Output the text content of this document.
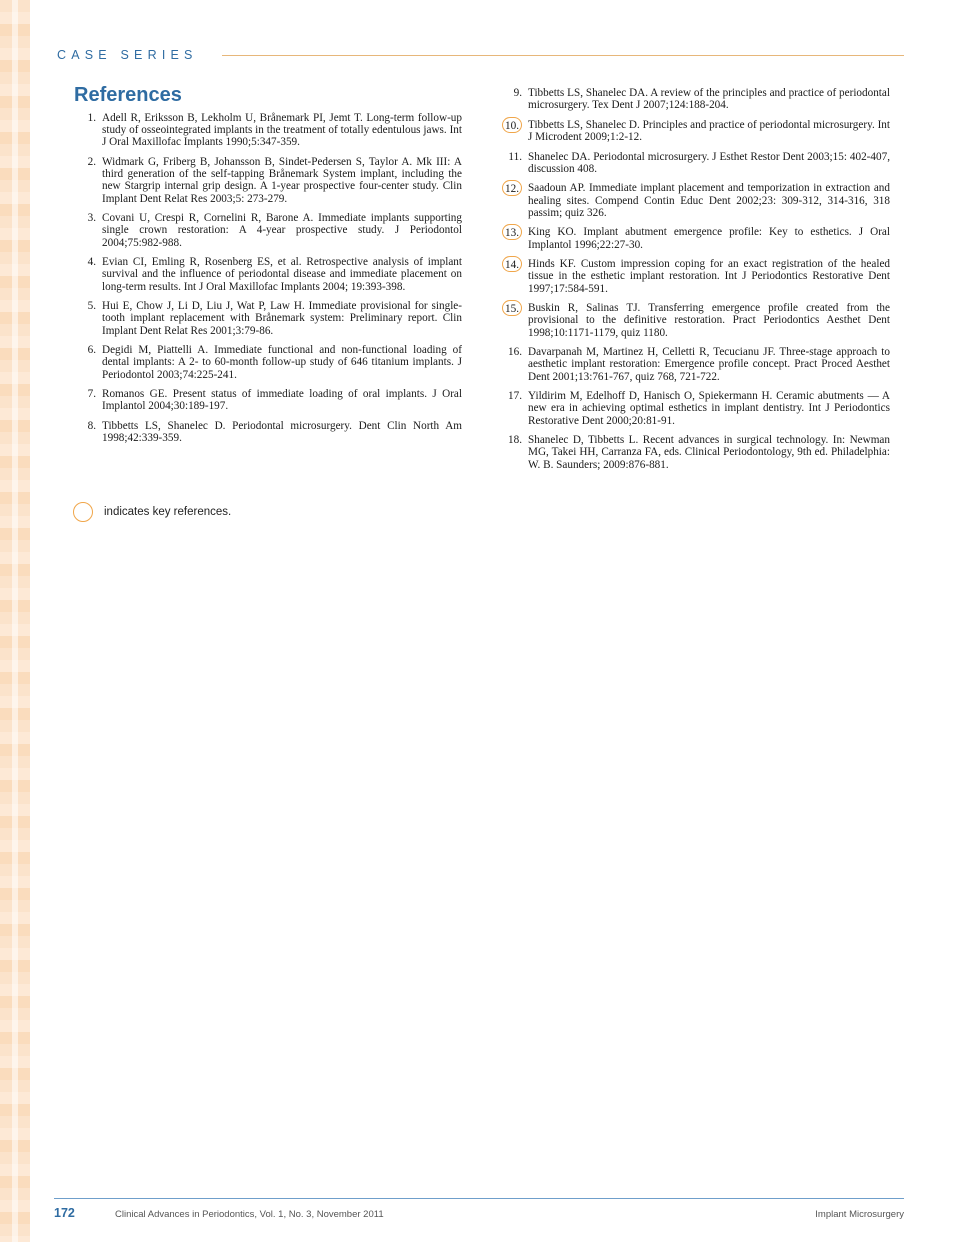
CASE SERIES
References
1. Adell R, Eriksson B, Lekholm U, Brånemark PI, Jemt T. Long-term follow-up study of osseointegrated implants in the treatment of totally edentulous jaws. Int J Oral Maxillofac Implants 1990;5:347-359.
2. Widmark G, Friberg B, Johansson B, Sindet-Pedersen S, Taylor A. Mk III: A third generation of the self-tapping Brånemark System implant, including the new Stargrip internal grip design. A 1-year prospective four-center study. Clin Implant Dent Relat Res 2003;5: 273-279.
3. Covani U, Crespi R, Cornelini R, Barone A. Immediate implants supporting single crown restoration: A 4-year prospective study. J Periodontol 2004;75:982-988.
4. Evian CI, Emling R, Rosenberg ES, et al. Retrospective analysis of implant survival and the influence of periodontal disease and immediate placement on long-term results. Int J Oral Maxillofac Implants 2004; 19:393-398.
5. Hui E, Chow J, Li D, Liu J, Wat P, Law H. Immediate provisional for single-tooth implant replacement with Brånemark system: Preliminary report. Clin Implant Dent Relat Res 2001;3:79-86.
6. Degidi M, Piattelli A. Immediate functional and non-functional loading of dental implants: A 2- to 60-month follow-up study of 646 titanium implants. J Periodontol 2003;74:225-241.
7. Romanos GE. Present status of immediate loading of oral implants. J Oral Implantol 2004;30:189-197.
8. Tibbetts LS, Shanelec D. Periodontal microsurgery. Dent Clin North Am 1998;42:339-359.
9. Tibbetts LS, Shanelec DA. A review of the principles and practice of periodontal microsurgery. Tex Dent J 2007;124:188-204.
10. Tibbetts LS, Shanelec D. Principles and practice of periodontal microsurgery. Int J Microdent 2009;1:2-12.
11. Shanelec DA. Periodontal microsurgery. J Esthet Restor Dent 2003;15: 402-407, discussion 408.
12. Saadoun AP. Immediate implant placement and temporization in extraction and healing sites. Compend Contin Educ Dent 2002;23: 309-312, 314-316, 318 passim; quiz 326.
13. King KO. Implant abutment emergence profile: Key to esthetics. J Oral Implantol 1996;22:27-30.
14. Hinds KF. Custom impression coping for an exact registration of the healed tissue in the esthetic implant restoration. Int J Periodontics Restorative Dent 1997;17:584-591.
15. Buskin R, Salinas TJ. Transferring emergence profile created from the provisional to the definitive restoration. Pract Periodontics Aesthet Dent 1998;10:1171-1179, quiz 1180.
16. Davarpanah M, Martinez H, Celletti R, Tecucianu JF. Three-stage approach to aesthetic implant restoration: Emergence profile concept. Pract Proced Aesthet Dent 2001;13:761-767, quiz 768, 721-722.
17. Yildirim M, Edelhoff D, Hanisch O, Spiekermann H. Ceramic abutments — A new era in achieving optimal esthetics in implant dentistry. Int J Periodontics Restorative Dent 2000;20:81-91.
18. Shanelec D, Tibbetts L. Recent advances in surgical technology. In: Newman MG, Takei HH, Carranza FA, eds. Clinical Periodontology, 9th ed. Philadelphia: W. B. Saunders; 2009:876-881.
indicates key references.
172	Clinical Advances in Periodontics, Vol. 1, No. 3, November 2011	Implant Microsurgery
